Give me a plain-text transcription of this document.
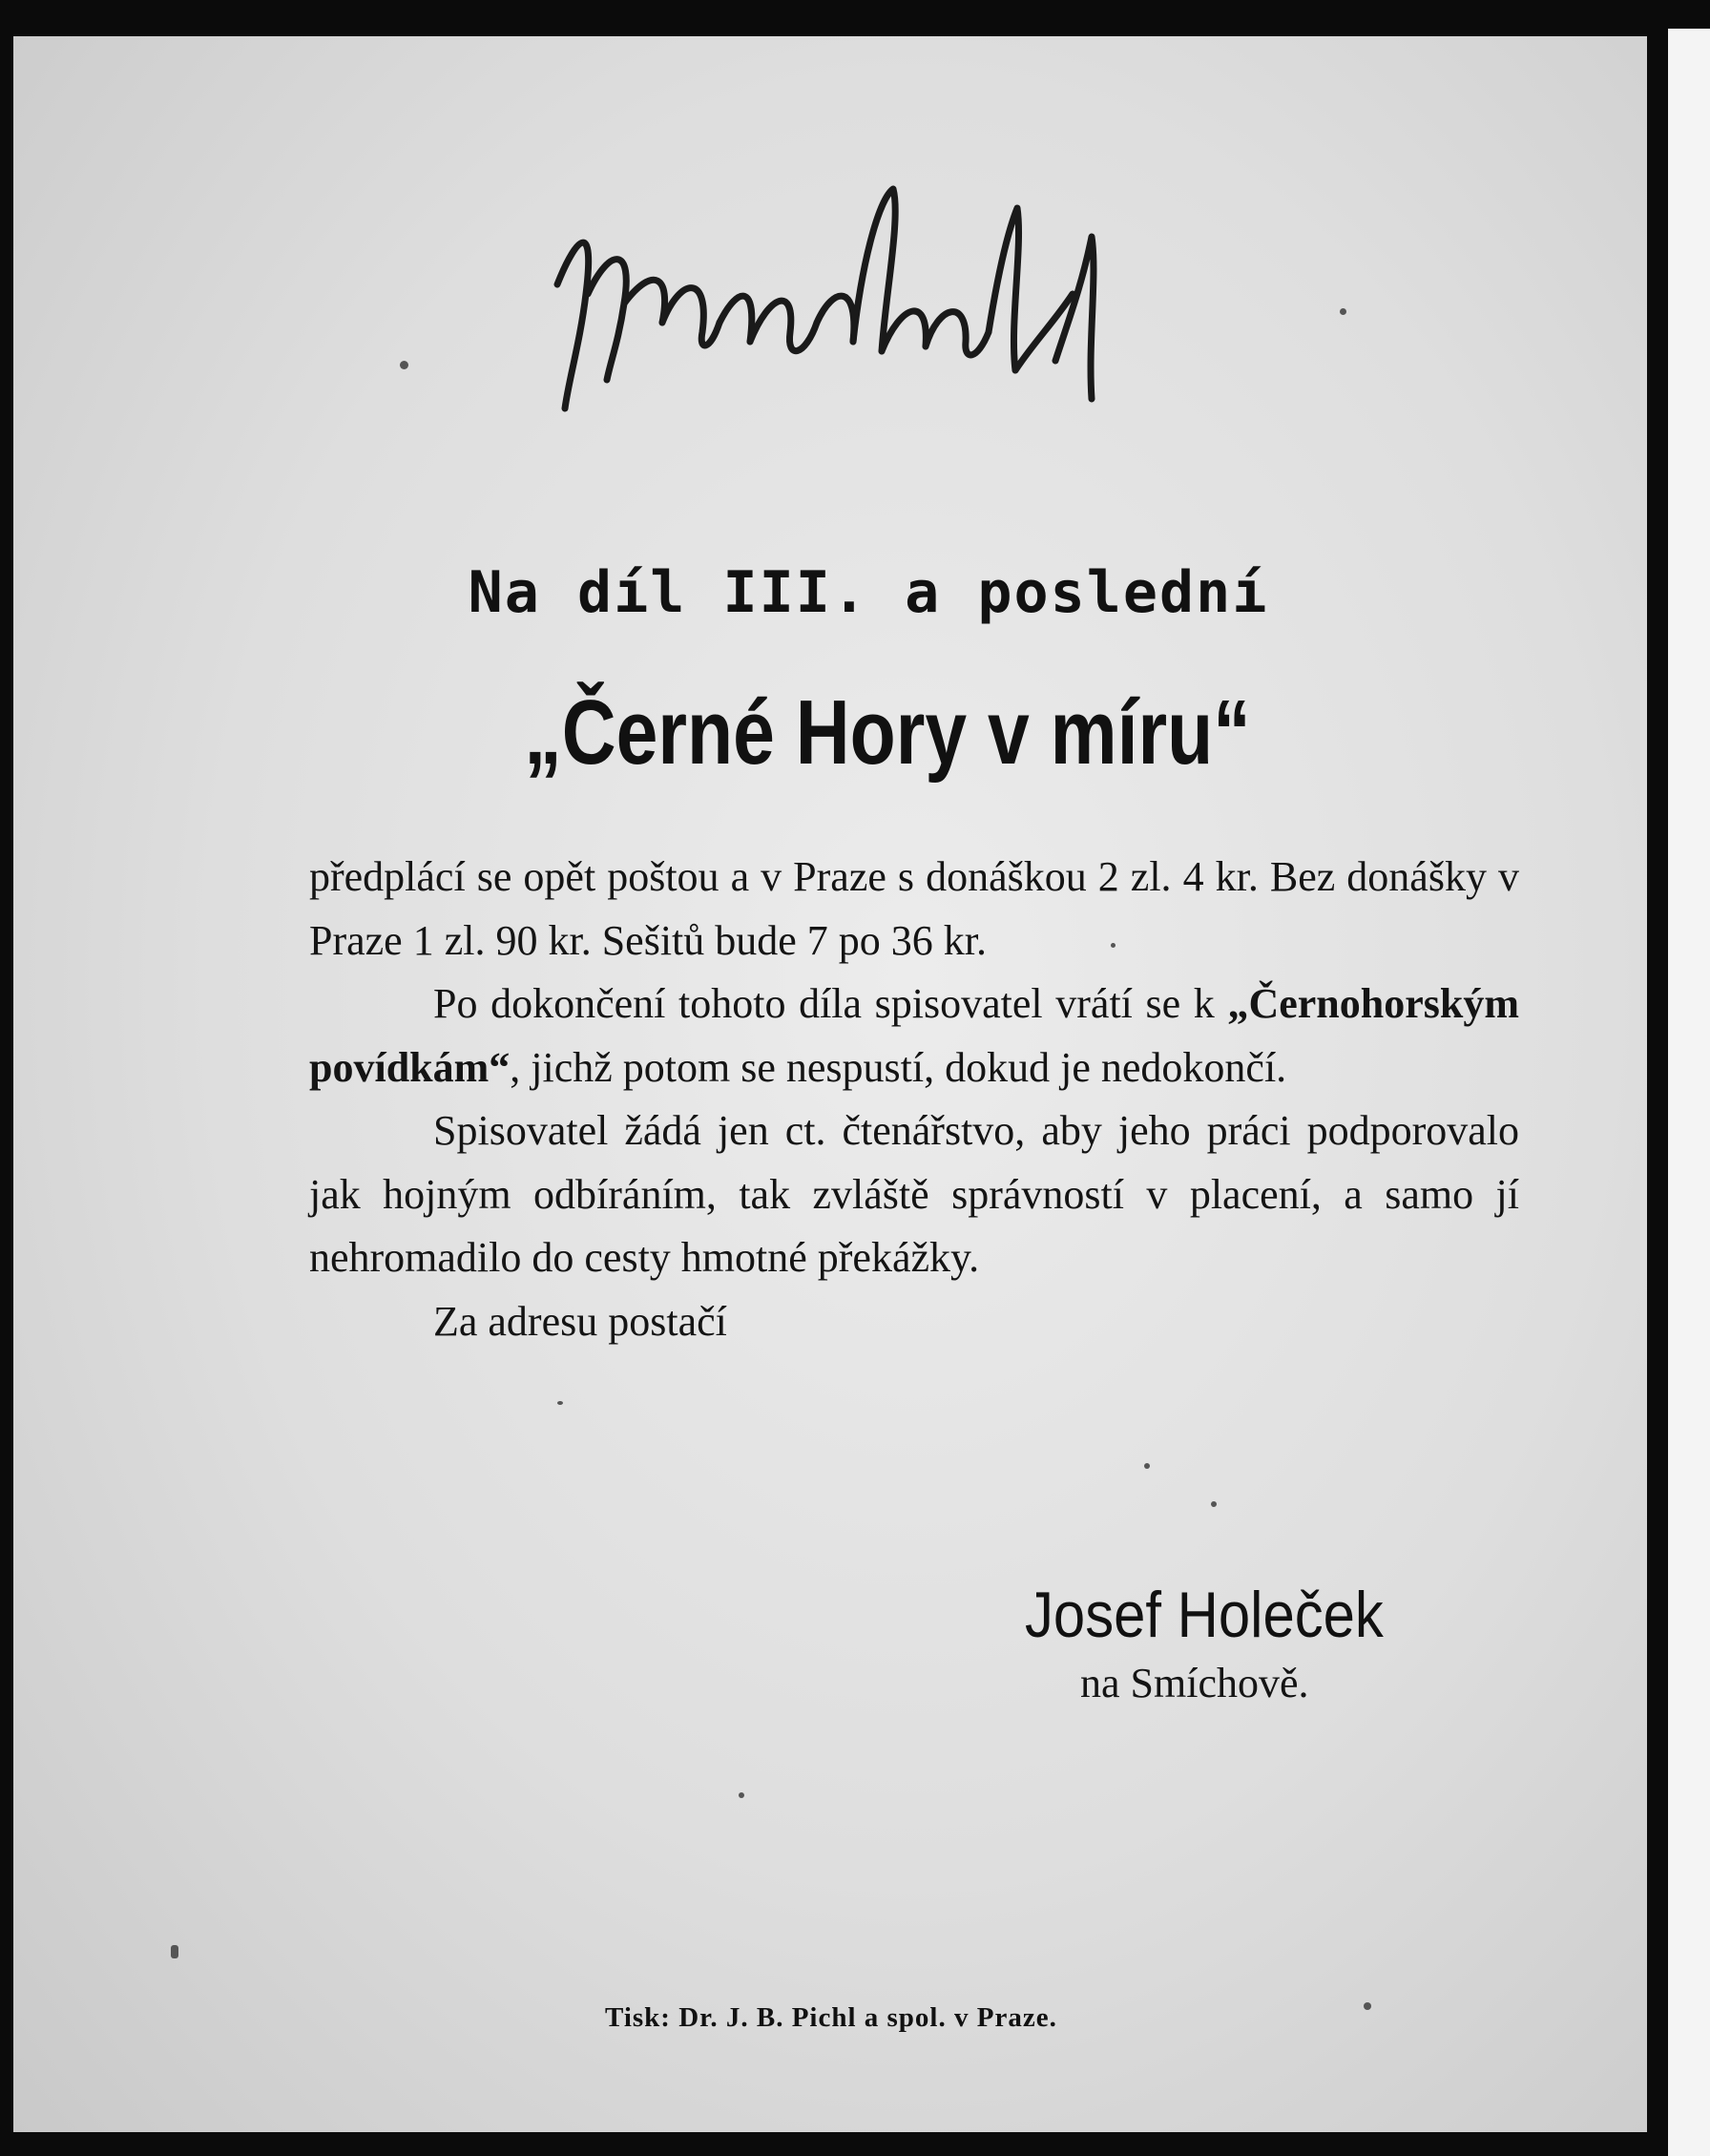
Na díl III. a poslední
„Černé Hory v míru“

předplácí se opět poštou a v Praze s donáškou 2 zl. 4 kr. Bez donášky v Praze 1 zl. 90 kr. Sešitů bude 7 po 36 kr.

Po dokončení tohoto díla spisovatel vrátí se k „Černohorským povídkám“, jichž potom se nespustí, dokud je nedokončí.

Spisovatel žádá jen ct. čtenářstvo, aby jeho práci podporovalo jak hojným odbíráním, tak zvláště správností v placení, a samo jí nehromadilo do cesty hmotné překážky.

Za adresu postačí

Josef Holeček
na Smíchově.
Tisk: Dr. J. B. Pichl a spol. v Praze.
